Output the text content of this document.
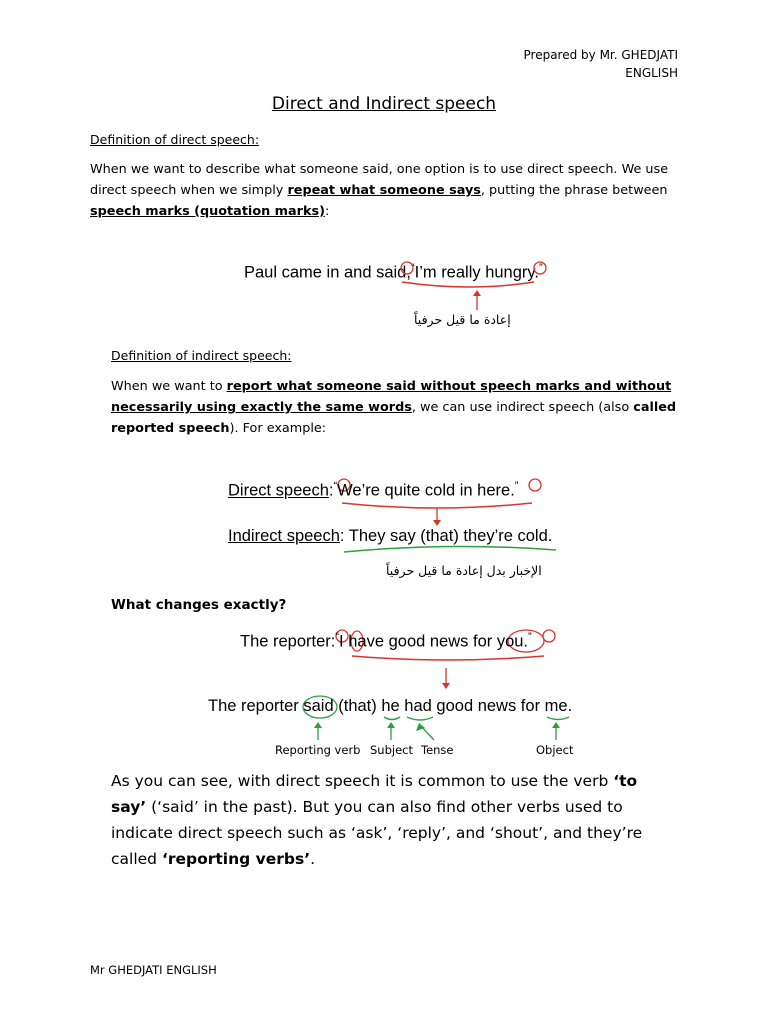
Prepared by Mr. GHEDJATI
ENGLISH
Direct and Indirect speech
Definition of direct speech:
When we want to describe what someone said, one option is to use direct speech. We use direct speech when we simply repeat what someone says, putting the phrase between speech marks (quotation marks):
Paul came in and said,“I’m really hungry.”
إعادة ما قيل حرفياً
Definition of indirect speech:
When we want to report what someone said without speech marks and without necessarily using exactly the same words, we can use indirect speech (also called reported speech). For example:
Direct speech:“We’re quite cold in here.”
Indirect speech: They say (that) they’re cold.
الإخبار بدل إعادة ما قيل حرفياً
What changes exactly?
The reporter:“I have good news for you.”
The reporter said (that) he had good news for me.
Reporting verb Subject Tense	Object
As you can see, with direct speech it is common to use the verb ‘to say’ (‘said’ in the past). But you can also find other verbs used to indicate direct speech such as ‘ask’, ‘reply’, and ‘shout’, and they’re called ‘reporting verbs’.
Mr GHEDJATI ENGLISH
